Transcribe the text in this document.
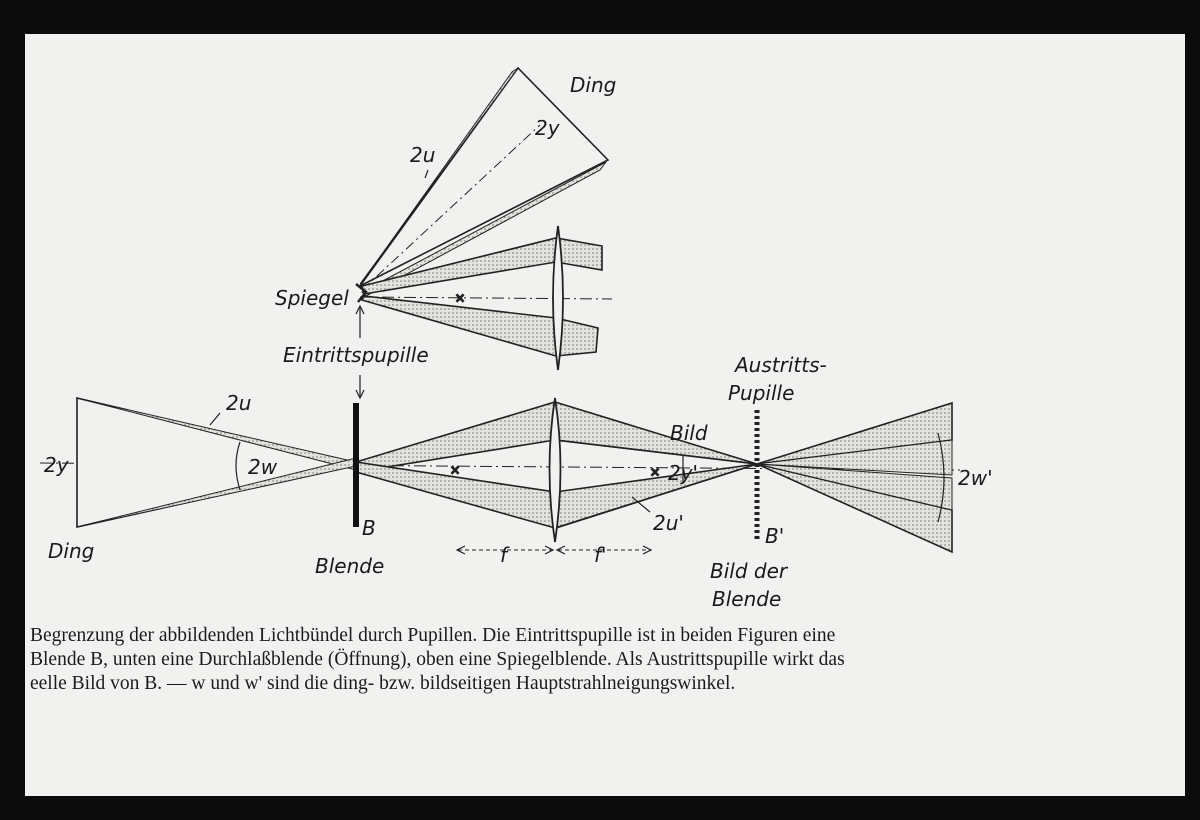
×
×	×
Ding
2y
2u
Spiegel
Eintrittspupille	Austritts-
Pupille
2u
2y	2w
Bild
2y'	2w'
2u'
B	B'
Ding
Blende	f	f'
Bild der
Blende
Begrenzung der abbildenden Lichtbündel durch Pupillen. Die Eintrittspupille ist in beiden Figuren eine
Blende B, unten eine Durchlaßblende (Öffnung), oben eine Spiegelblende. Als Austrittspupille wirkt das
eelle Bild von B. — w und w' sind die ding- bzw. bildseitigen Hauptstrahlneigungswinkel.
